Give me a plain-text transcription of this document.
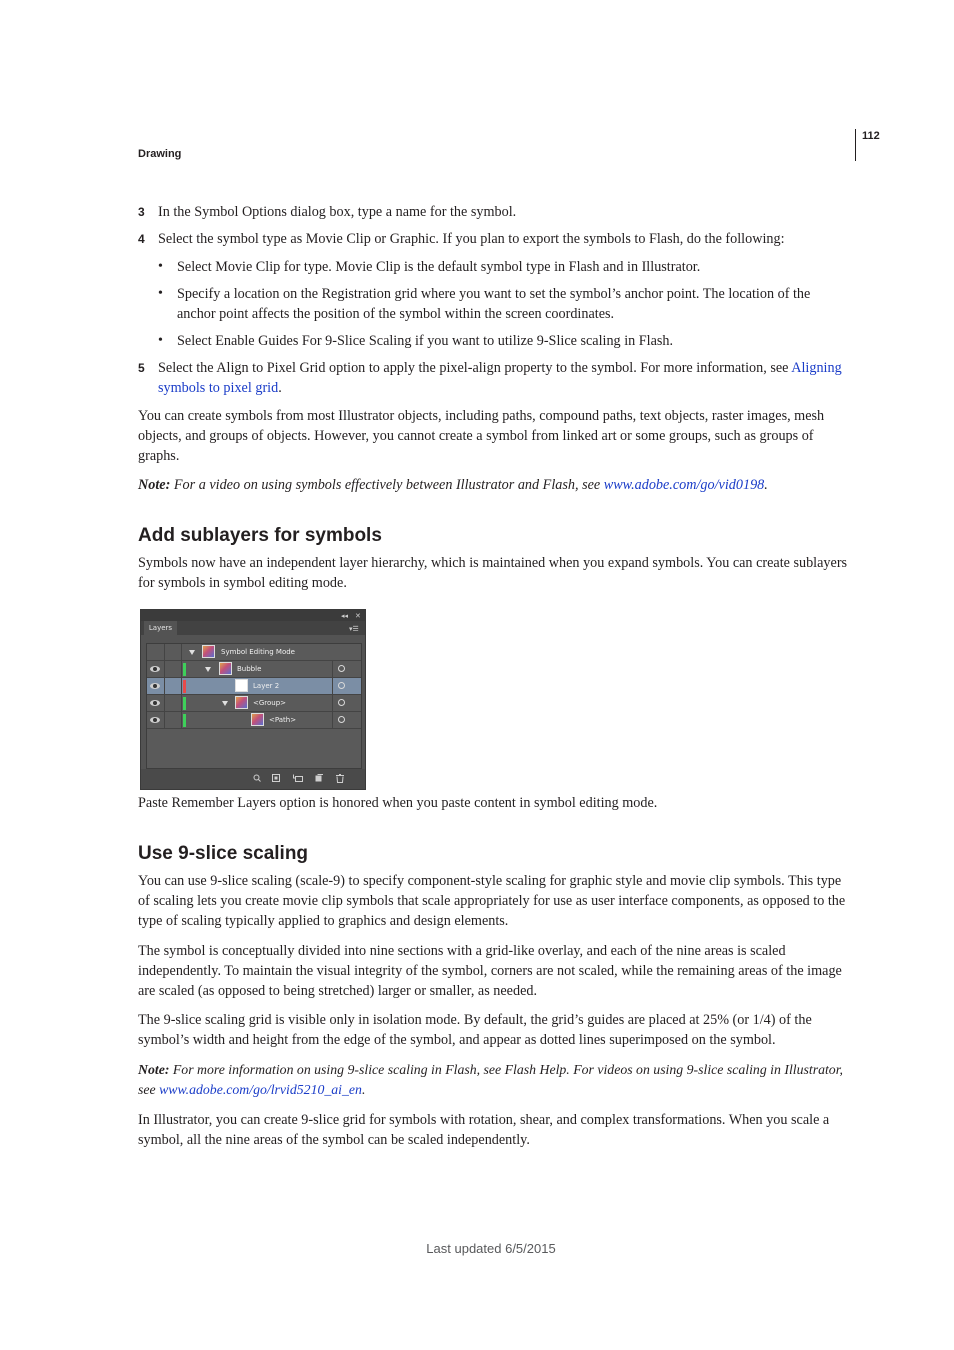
Drawing
112
3 In the Symbol Options dialog box, type a name for the symbol.

4 Select the symbol type as Movie Clip or Graphic. If you plan to export the symbols to Flash, do the following:

• Select Movie Clip for type. Movie Clip is the default symbol type in Flash and in Illustrator.

• Specify a location on the Registration grid where you want to set the symbol’s anchor point. The location of the anchor point affects the position of the symbol within the screen coordinates.

• Select Enable Guides For 9-Slice Scaling if you want to utilize 9-Slice scaling in Flash.

5 Select the Align to Pixel Grid option to apply the pixel-align property to the symbol. For more information, see Aligning symbols to pixel grid.

You can create symbols from most Illustrator objects, including paths, compound paths, text objects, raster images, mesh objects, and groups of objects. However, you cannot create a symbol from linked art or some groups, such as groups of graphs.

Note: For a video on using symbols effectively between Illustrator and Flash, see www.adobe.com/go/vid0198.

Add sublayers for symbols

Symbols now have an independent layer hierarchy, which is maintained when you expand symbols. You can create sublayers for symbols in symbol editing mode.

◂◂ ✕
▾☰
Layers
Symbol Editing Mode
Bubble
Layer 2
<Group>
<Path>

Paste Remember Layers option is honored when you paste content in symbol editing mode.

Use 9-slice scaling

You can use 9-slice scaling (scale-9) to specify component-style scaling for graphic style and movie clip symbols. This type of scaling lets you create movie clip symbols that scale appropriately for use as user interface components, as opposed to the type of scaling typically applied to graphics and design elements.

The symbol is conceptually divided into nine sections with a grid-like overlay, and each of the nine areas is scaled independently. To maintain the visual integrity of the symbol, corners are not scaled, while the remaining areas of the image are scaled (as opposed to being stretched) larger or smaller, as needed.

The 9-slice scaling grid is visible only in isolation mode. By default, the grid’s guides are placed at 25% (or 1/4) of the symbol’s width and height from the edge of the symbol, and appear as dotted lines superimposed on the symbol.

Note: For more information on using 9-slice scaling in Flash, see Flash Help. For videos on using 9-slice scaling in Illustrator, see www.adobe.com/go/lrvid5210_ai_en.

In Illustrator, you can create 9-slice grid for symbols with rotation, shear, and complex transformations. When you scale a symbol, all the nine areas of the symbol can be scaled independently.

Last updated 6/5/2015
